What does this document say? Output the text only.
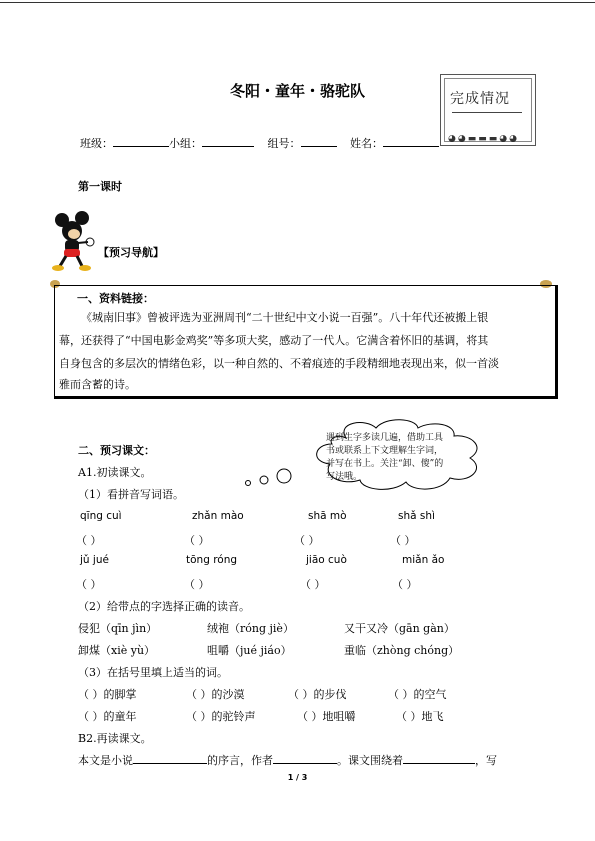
冬阳・童年・骆驼队	完成情况
◕◕▬▬▬◕◕
班级：	小组：	组号：	姓名：
第一课时
【预习导航】
一、资料链接：
《城南旧事》曾被评选为亚洲周刊“二十世纪中文小说一百强”。八十年代还被搬上银
幕，还获得了“中国电影金鸡奖”等多项大奖，感动了一代人。它满含着怀旧的基调，将其
自身包含的多层次的情绪色彩，以一种自然的、不着痕迹的手段精细地表现出来，似一首淡
雅而含蓄的诗。
遇到生字多读几遍，借助工具书或联系上下文理解生字词，并写在书上。关注“卸、傻”的写法哦。
二、预习课文：
A1.初读课文。
（1）看拼音写词语。
qīng cuì	zhǎn mào	shā mò	shǎ shì
（ ）	（ ）	（ ）	（ ）
jǔ jué	tōng róng	jiāo cuò	miǎn ǎo
（ ）	（ ）	（ ）	（ ）
（2）给带点的字选择正确的读音。
侵犯（qīn jìn）	绒袍（róng jiè）	又干又冷（gān gàn）
卸煤（xiè yù）	咀嚼（jué jiáo）	重临（zhòng chóng）
（3）在括号里填上适当的词。
（ ）的脚掌	（ ）的沙漠	（ ）的步伐	（ ）的空气
（ ）的童年	（ ）的驼铃声	（ ）地咀嚼	（ ）地飞
B2.再读课文。
本文是小说	的序言，作者	。课文围绕着	，写
1 / 3
